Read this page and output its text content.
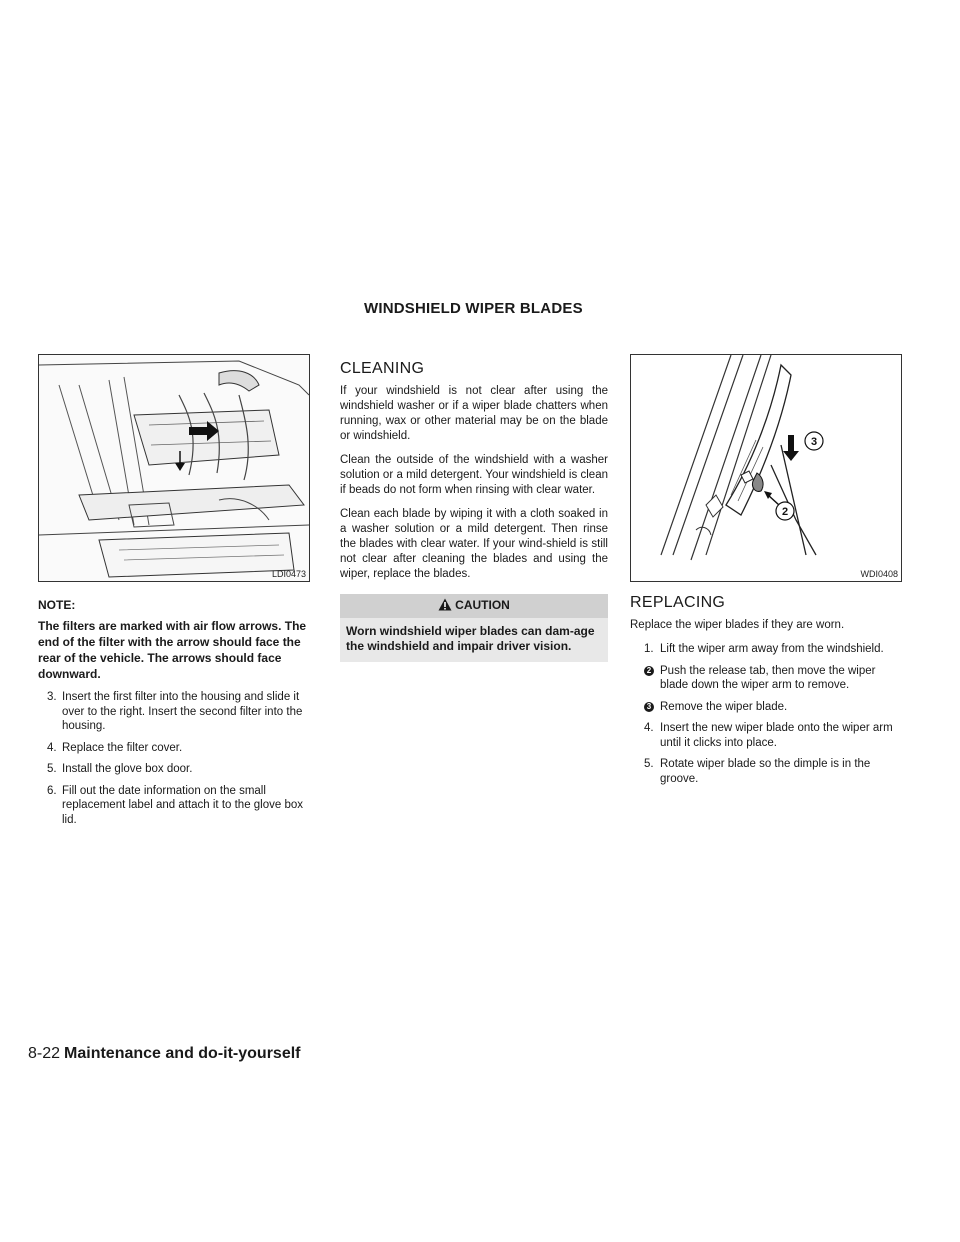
WINDSHIELD WIPER BLADES
LDI0473
NOTE:
The filters are marked with air flow arrows. The end of the filter with the arrow should face the rear of the vehicle. The arrows should face downward.
3. Insert the first filter into the housing and slide it over to the right. Insert the second filter into the housing.
4. Replace the filter cover.
5. Install the glove box door.
6. Fill out the date information on the small replacement label and attach it to the glove box lid.
CLEANING

If your windshield is not clear after using the windshield washer or if a wiper blade chatters when running, wax or other material may be on the blade or windshield.

Clean the outside of the windshield with a washer solution or a mild detergent. Your windshield is clean if beads do not form when rinsing with clear water.

Clean each blade by wiping it with a cloth soaked in a washer solution or a mild detergent. Then rinse the blades with clear water. If your wind-shield is still not clear after cleaning the blades and using the wiper, replace the blades.

CAUTION
Worn windshield wiper blades can dam-age the windshield and impair driver vision.
3
2
WDI0408
REPLACING

Replace the wiper blades if they are worn.

1. Lift the wiper arm away from the windshield.
2 Push the release tab, then move the wiper blade down the wiper arm to remove.
3 Remove the wiper blade.
4. Insert the new wiper blade onto the wiper arm until it clicks into place.
5. Rotate wiper blade so the dimple is in the groove.
8-22 Maintenance and do-it-yourself
